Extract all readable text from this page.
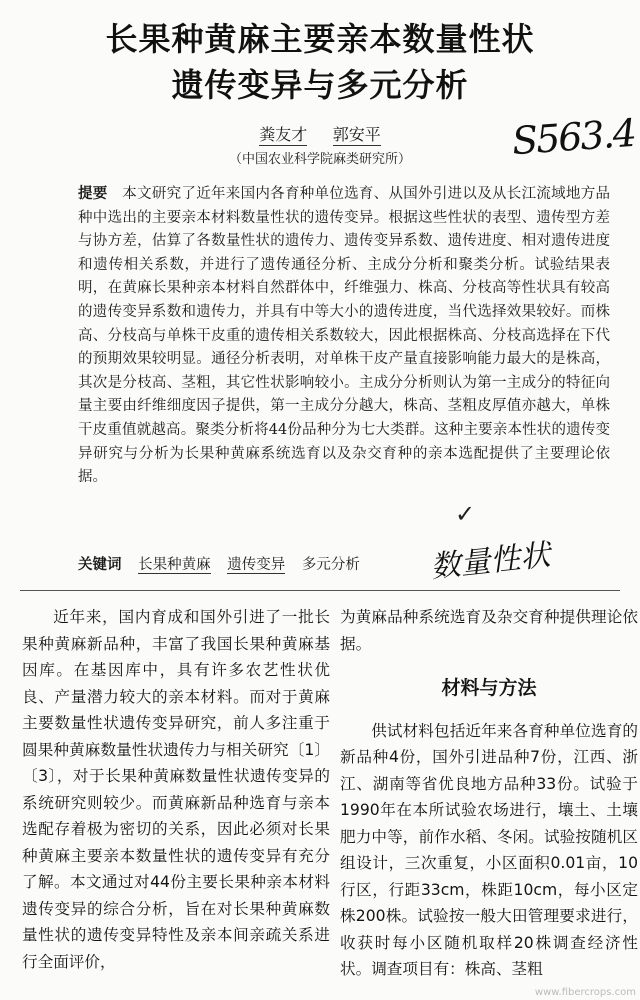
长果种黄麻主要亲本数量性状
遗传变异与多元分析
粪友才 郭安平
（中国农业科学院麻类研究所）	S563.4
提要 本文研究了近年来国内各育种单位选育、从国外引进以及从长江流域地方品种中选出的主要亲本材料数量性状的遗传变异。根据这些性状的表型、遗传型方差与协方差，估算了各数量性状的遗传力、遗传变异系数、遗传进度、相对遗传进度和遗传相关系数，并进行了遗传通径分析、主成分分析和聚类分析。试验结果表明，在黄麻长果种亲本材料自然群体中，纤维强力、株高、分枝高等性状具有较高的遗传变异系数和遗传力，并具有中等大小的遗传进度，当代选择效果较好。而株高、分枝高与单株干皮重的遗传相关系数较大，因此根据株高、分枝高选择在下代的预期效果较明显。通径分析表明，对单株干皮产量直接影响能力最大的是株高，其次是分枝高、茎粗，其它性状影响较小。主成分分析则认为第一主成分的特征向量主要由纤维细度因子提供，第一主成分分越大，株高、茎粗皮厚值亦越大，单株干皮重值就越高。聚类分析将44份品种分为七大类群。这种主要亲本性状的遗传变异研究与分析为长果种黄麻系统选育以及杂交育种的亲本选配提供了主要理论依据。
✓
关键词 长果种黄麻 遗传变异 多元分析	数量性状

近年来，国内育成和国外引进了一批长果种黄麻新品种，丰富了我国长果种黄麻基因库。在基因库中，具有许多农艺性状优良、产量潜力较大的亲本材料。而对于黄麻主要数量性状遗传变异研究，前人多注重于圆果种黄麻数量性状遗传力与相关研究〔1〕〔3〕，对于长果种黄麻数量性状遗传变异的系统研究则较少。而黄麻新品种选育与亲本选配存着极为密切的关系，因此必须对长果种黄麻主要亲本数量性状的遗传变异有充分了解。本文通过对44份主要长果种亲本材料遗传变异的综合分析，旨在对长果种黄麻数量性状的遗传变异特性及亲本间亲疏关系进行全面评价，

为黄麻品种系统选育及杂交育种提供理论依据。

材料与方法

供试材料包括近年来各育种单位选育的新品种4份，国外引进品种7份，江西、浙江、湖南等省优良地方品种33份。试验于1990年在本所试验农场进行，壤土、土壤肥力中等，前作水稻、冬闲。试验按随机区组设计，三次重复，小区面积0.01亩，10行区，行距33cm，株距10cm，每小区定株200株。试验按一般大田管理要求进行，收获时每小区随机取样20株调查经济性状。调查项目有：株高、茎粗

www.fibercrops.com
